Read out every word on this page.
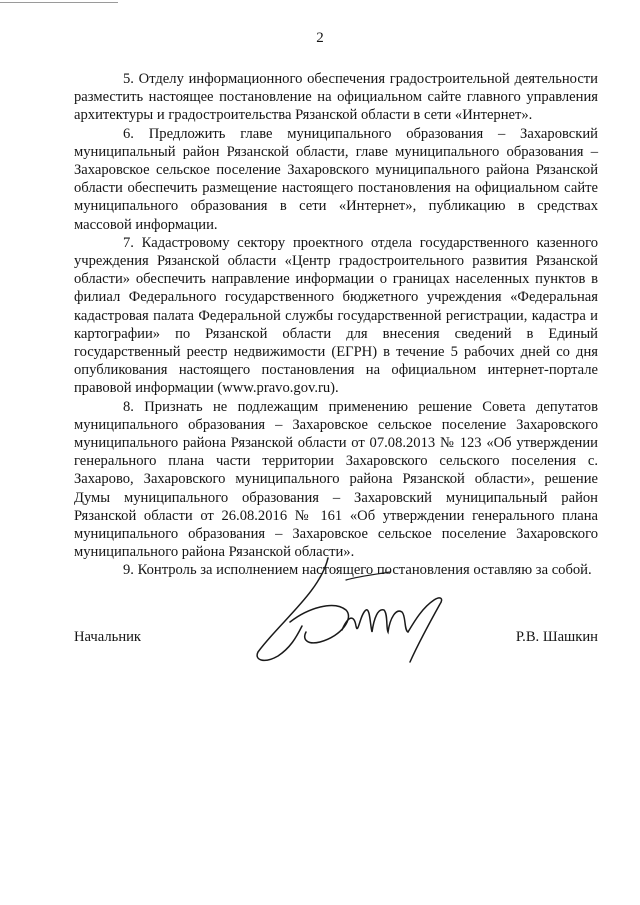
2

5. Отделу информационного обеспечения градостроительной деятельности разместить настоящее постановление на официальном сайте главного управления архитектуры и градостроительства Рязанской области в сети «Интернет».

6. Предложить главе муниципального образования – Захаровский муниципальный район Рязанской области, главе муниципального образования – Захаровское сельское поселение Захаровского муниципального района Рязанской области обеспечить размещение настоящего постановления на официальном сайте муниципального образования в сети «Интернет», публикацию в средствах массовой информации.

7. Кадастровому сектору проектного отдела государственного казенного учреждения Рязанской области «Центр градостроительного развития Рязанской области» обеспечить направление информации о границах населенных пунктов в филиал Федерального государственного бюджетного учреждения «Федеральная кадастровая палата Федеральной службы государственной регистрации, кадастра и картографии» по Рязанской области для внесения сведений в Единый государственный реестр недвижимости (ЕГРН) в течение 5 рабочих дней со дня опубликования настоящего постановления на официальном интернет-портале правовой информации (www.pravo.gov.ru).

8. Признать не подлежащим применению решение Совета депутатов муниципального образования – Захаровское сельское поселение Захаровского муниципального района Рязанской области от 07.08.2013 № 123 «Об утверждении генерального плана части территории Захаровского сельского поселения с. Захарово, Захаровского муниципального района Рязанской области», решение Думы муниципального образования – Захаровский муниципальный район Рязанской области от 26.08.2016 № 161 «Об утверждении генерального плана муниципального образования – Захаровское сельское поселение Захаровского муниципального района Рязанской области».

9. Контроль за исполнением настоящего постановления оставляю за собой.

Начальник	Р.В. Шашкин
